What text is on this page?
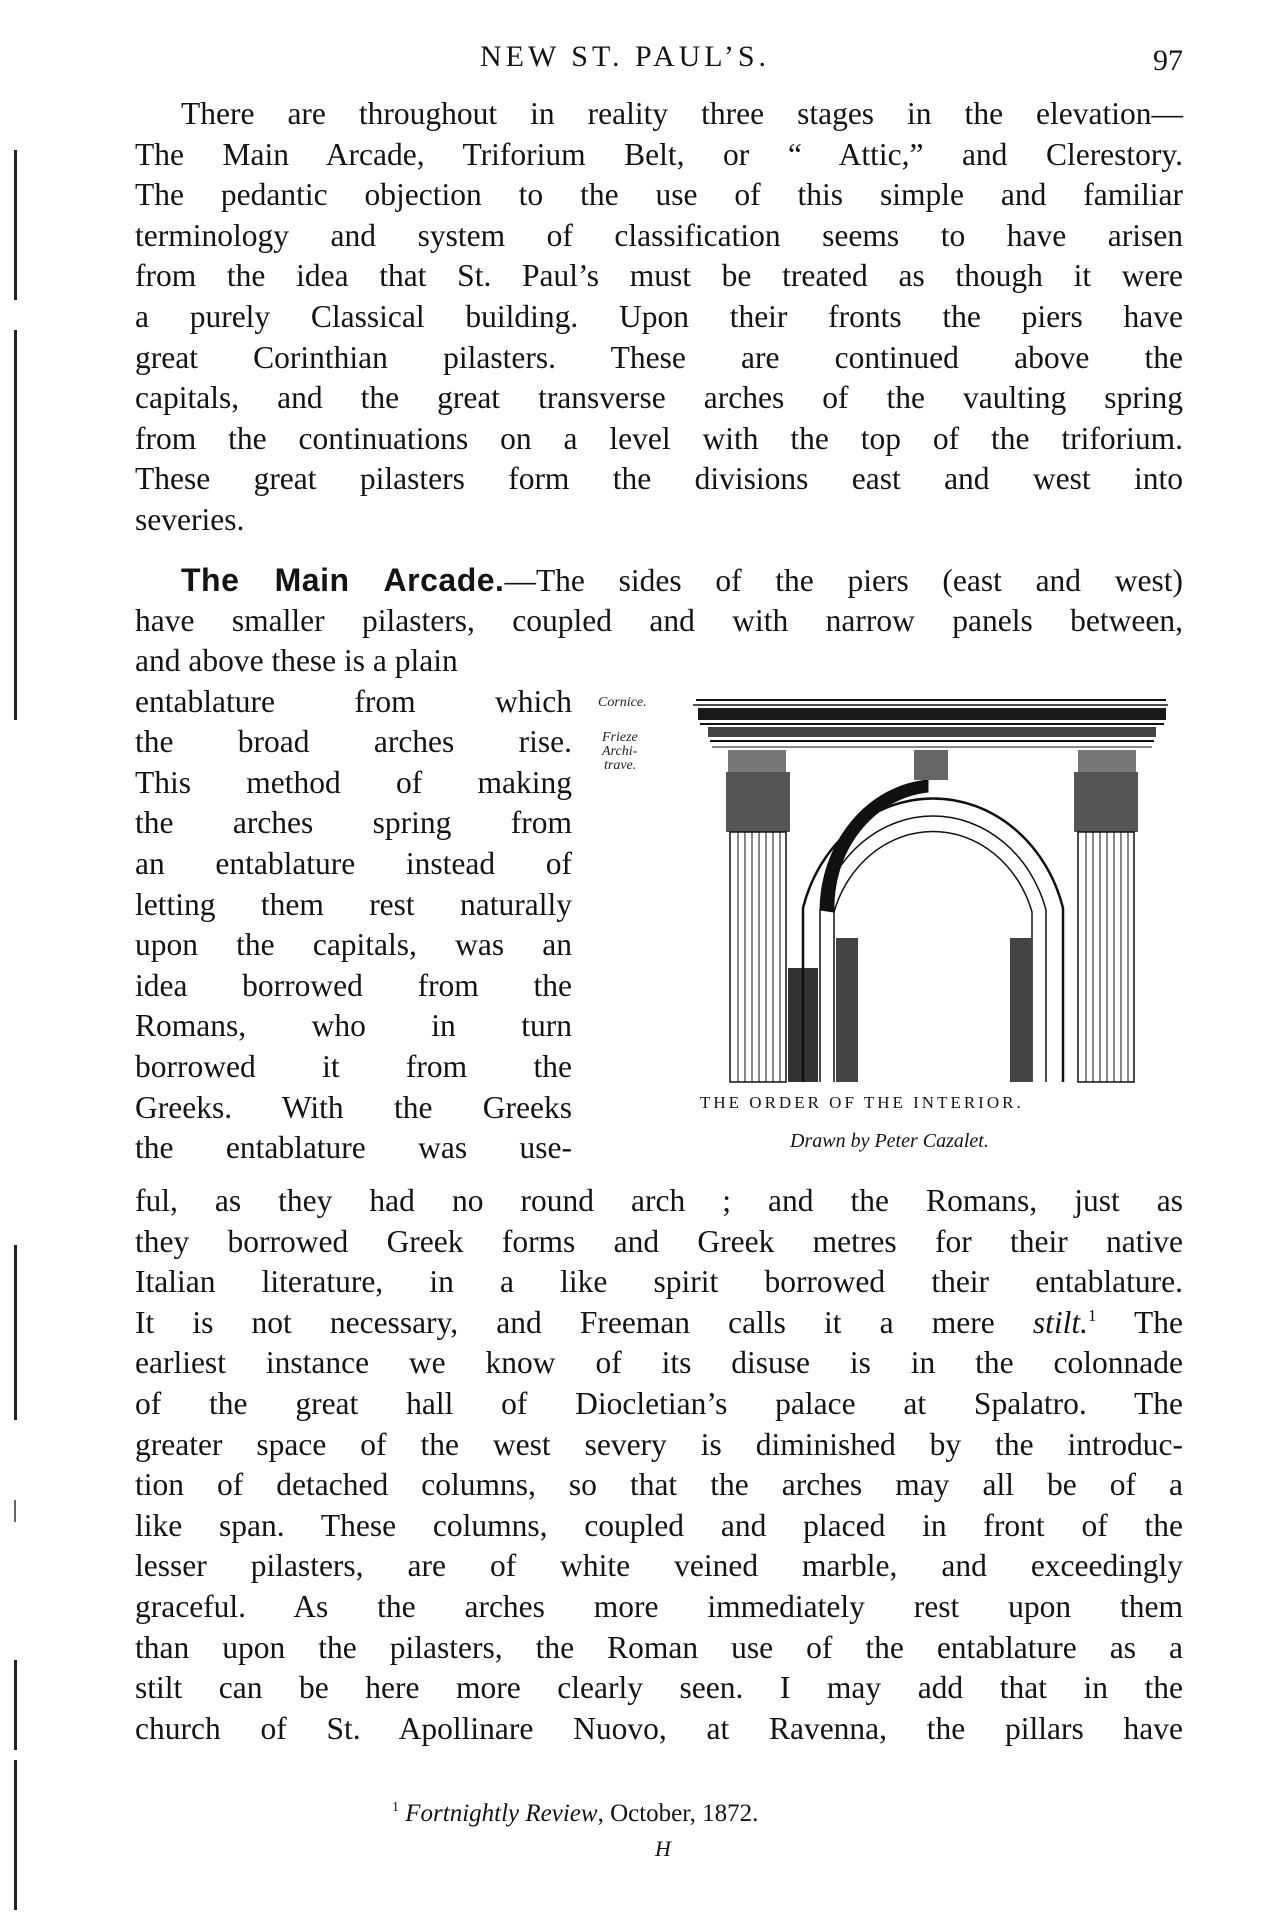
NEW ST. PAUL’S.	97
There are throughout in reality three stages in the elevation—
The Main Arcade, Triforium Belt, or “ Attic,” and Clerestory.
The pedantic objection to the use of this simple and familiar
terminology and system of classification seems to have arisen
from the idea that St. Paul’s must be treated as though it were
a purely Classical building. Upon their fronts the piers have
great Corinthian pilasters. These are continued above the
capitals, and the great transverse arches of the vaulting spring
from the continuations on a level with the top of the triforium.
These great pilasters form the divisions east and west into
severies.
The Main Arcade.—The sides of the piers (east and west)
have smaller pilasters, coupled and with narrow panels between,
and above these is a plain
entablature from which
the broad arches rise.
This method of making
the arches spring from
an entablature instead of
letting them rest naturally
upon the capitals, was an
idea borrowed from the
Romans, who in turn
borrowed it from the
Greeks. With the Greeks
the entablature was use-
Cornice.
Frieze
Archi-
trave.
THE ORDER OF THE INTERIOR.
Drawn by Peter Cazalet.
ful, as they had no round arch ; and the Romans, just as
they borrowed Greek forms and Greek metres for their native
Italian literature, in a like spirit borrowed their entablature.
It is not necessary, and Freeman calls it a mere stilt.$^1$ The
earliest instance we know of its disuse is in the colonnade
of the great hall of Diocletian’s palace at Spalatro. The
greater space of the west severy is diminished by the introduc-
tion of detached columns, so that the arches may all be of a
like span. These columns, coupled and placed in front of the
lesser pilasters, are of white veined marble, and exceedingly
graceful. As the arches more immediately rest upon them
than upon the pilasters, the Roman use of the entablature as a
stilt can be here more clearly seen. I may add that in the
church of St. Apollinare Nuovo, at Ravenna, the pillars have
$^1$ Fortnightly Review, October, 1872.
H
